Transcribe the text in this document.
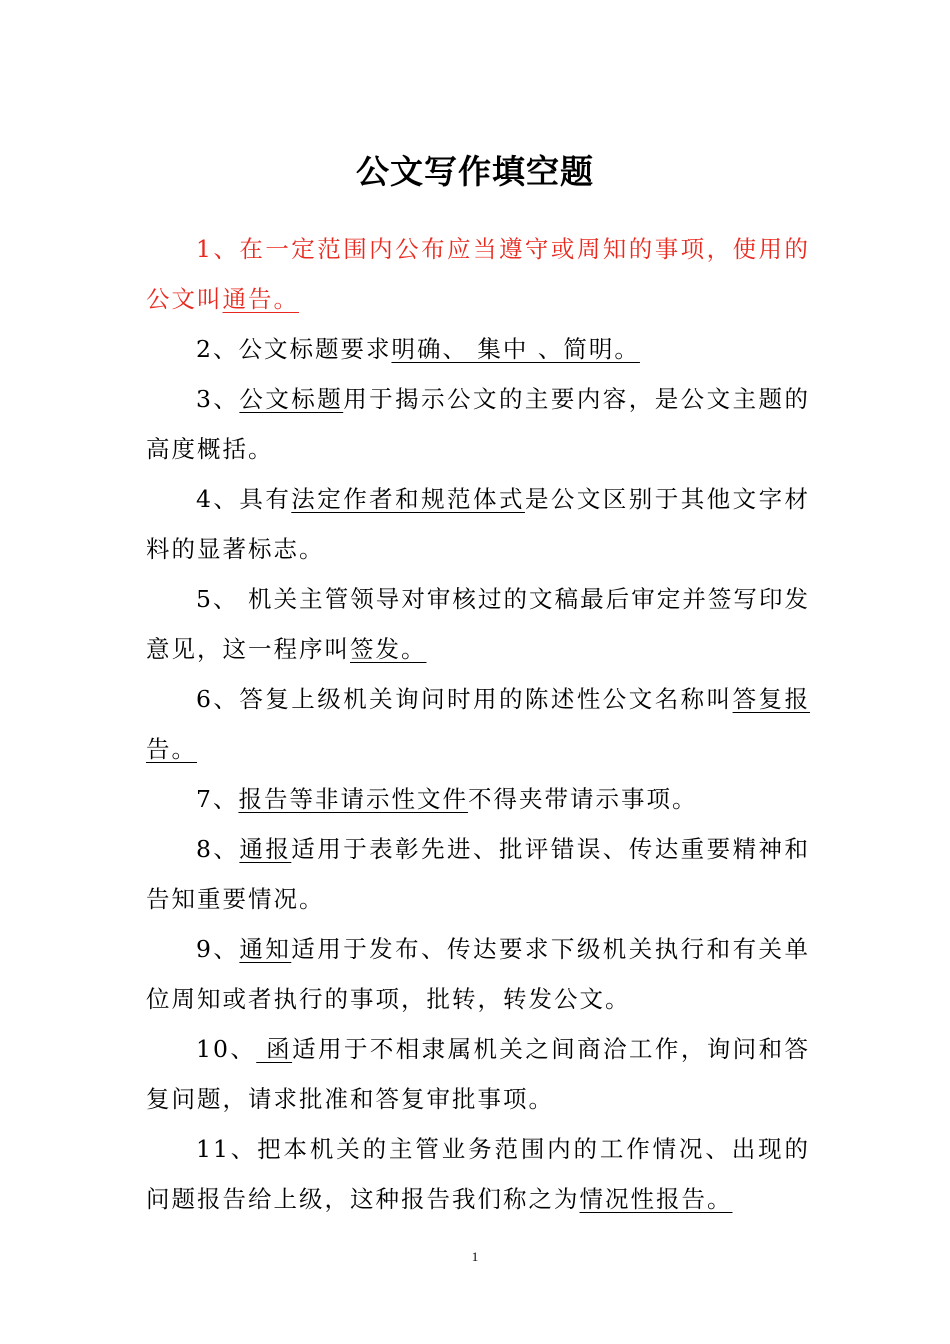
公文写作填空题

1、在一定范围内公布应当遵守或周知的事项，使用的公文叫通告。

2、公文标题要求明确、 集中 、简明。

3、公文标题用于揭示公文的主要内容，是公文主题的高度概括。

4、具有法定作者和规范体式是公文区别于其他文字材料的显著标志。

5、 机关主管领导对审核过的文稿最后审定并签写印发意见，这一程序叫签发。

6、答复上级机关询问时用的陈述性公文名称叫答复报告。

7、报告等非请示性文件不得夹带请示事项。

8、通报适用于表彰先进、批评错误、传达重要精神和告知重要情况。

9、通知适用于发布、传达要求下级机关执行和有关单位周知或者执行的事项，批转，转发公文。

10、 函适用于不相隶属机关之间商洽工作，询问和答复问题，请求批准和答复审批事项。

11、把本机关的主管业务范围内的工作情况、出现的问题报告给上级，这种报告我们称之为情况性报告。

1
